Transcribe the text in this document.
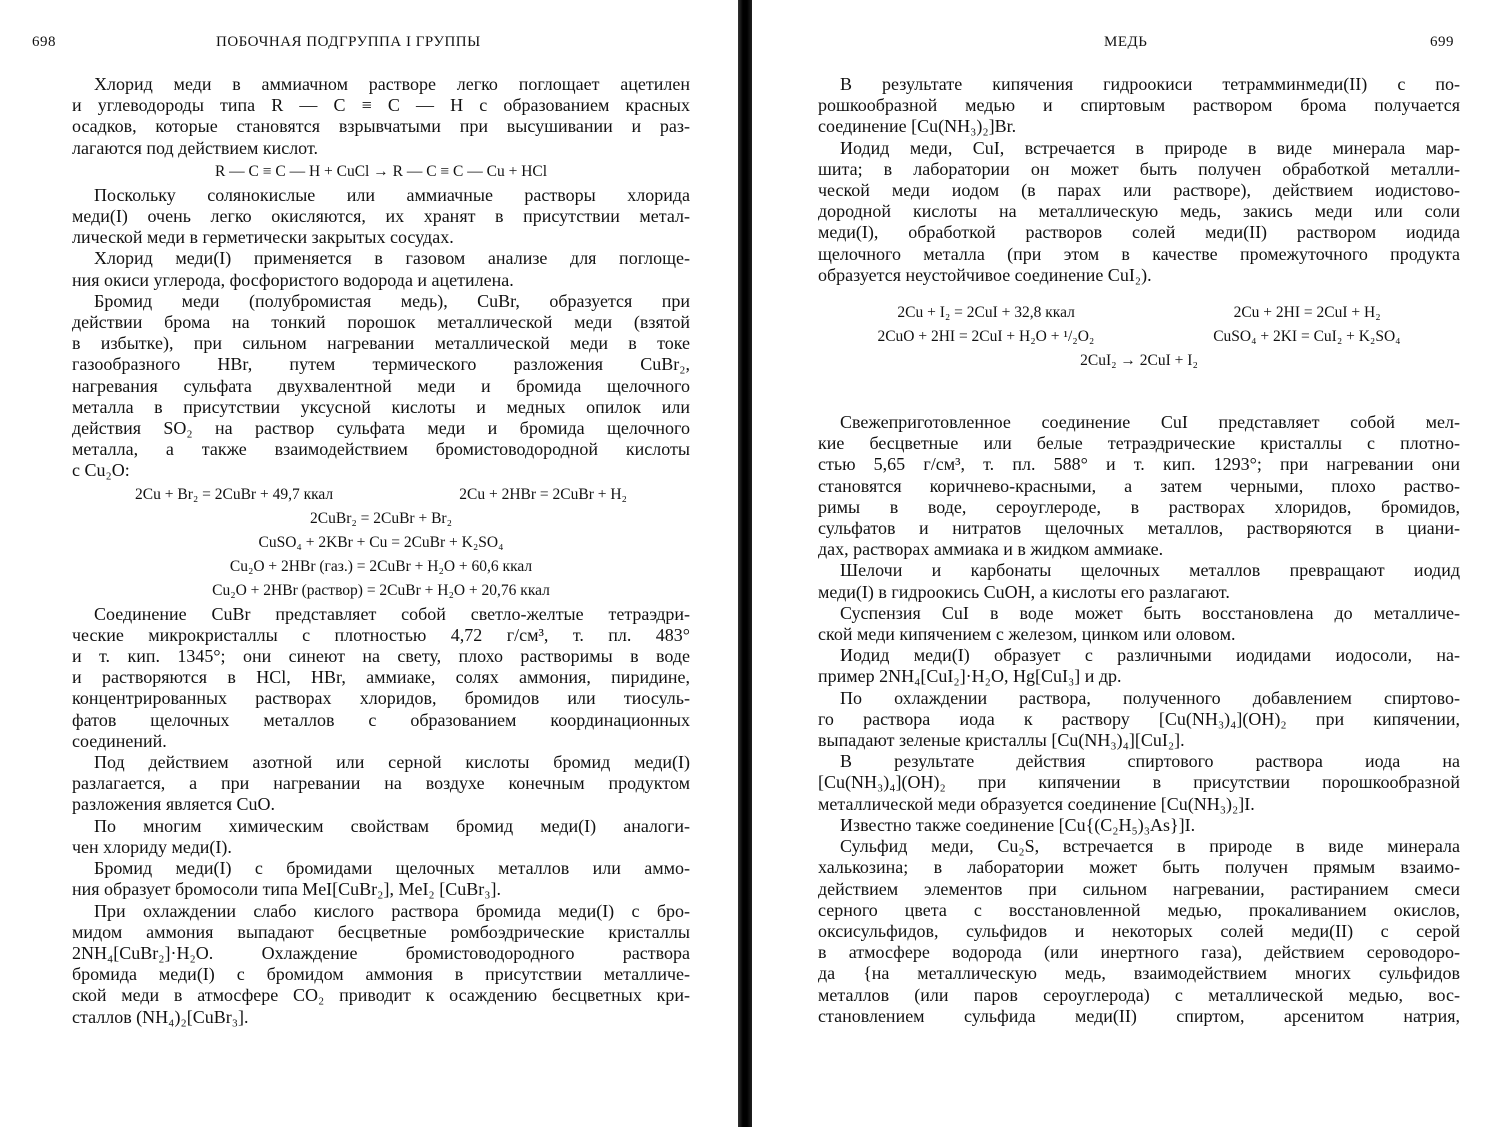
698	ПОБОЧНАЯ ПОДГРУППА I ГРУППЫ
Хлорид меди в аммиачном растворе легко поглощает ацетилен
и углеводороды типа R — C ≡ C — H с образованием красных
осадков, которые становятся взрывчатыми при высушивании и раз-
лагаются под действием кислот.
R — C ≡ C — H + CuCl → R — C ≡ C — Cu + HCl
Поскольку солянокислые или аммиачные растворы хлорида
меди(I) очень легко окисляются, их хранят в присутствии метал-
лической меди в герметически закрытых сосудах.
Хлорид меди(I) применяется в газовом анализе для поглоще-
ния окиси углерода, фосфористого водорода и ацетилена.
Бромид меди (полубромистая медь), CuBr, образуется при
действии брома на тонкий порошок металлической меди (взятой
в избытке), при сильном нагревании металлической меди в токе
газообразного HBr, путем термического разложения CuBr₂,
нагревания сульфата двухвалентной меди и бромида щелочного
металла в присутствии уксусной кислоты и медных опилок или
действия SO₂ на раствор сульфата меди и бромида щелочного
металла, а также взаимодействием бромистоводородной кислоты
с Cu₂O:
2Cu + Br₂ = 2CuBr + 49,7 ккал	2Cu + 2HBr = 2CuBr + H₂
2CuBr₂ = 2CuBr + Br₂
CuSO₄ + 2KBr + Cu = 2CuBr + K₂SO₄
Cu₂O + 2HBr (газ.) = 2CuBr + H₂O + 60,6 ккал
Cu₂O + 2HBr (раствор) = 2CuBr + H₂O + 20,76 ккал
Соединение CuBr представляет собой светло-желтые тетраэдри-
ческие микрокристаллы с плотностью 4,72 г/см³, т. пл. 483°
и т. кип. 1345°; они синеют на свету, плохо растворимы в воде
и растворяются в HCl, HBr, аммиаке, солях аммония, пиридине,
концентрированных растворах хлоридов, бромидов или тиосуль-
фатов щелочных металлов с образованием координационных
соединений.
Под действием азотной или серной кислоты бромид меди(I)
разлагается, а при нагревании на воздухе конечным продуктом
разложения является CuO.
По многим химическим свойствам бромид меди(I) аналоги-
чен хлориду меди(I).
Бромид меди(I) с бромидами щелочных металлов или аммо-
ния образует бромосоли типа MeI[CuBr₂], MeI₂ [CuBr₃].
При охлаждении слабо кислого раствора бромида меди(I) с бро-
мидом аммония выпадают бесцветные ромбоэдрические кристаллы
2NH₄[CuBr₂]·H₂O. Охлаждение бромистоводородного раствора
бромида меди(I) с бромидом аммония в присутствии металличе-
ской меди в атмосфере CO₂ приводит к осаждению бесцветных кри-
сталлов (NH₄)₂[CuBr₃].
МЕДЬ	699
В результате кипячения гидроокиси тетрамминмеди(II) с по-
рошкообразной медью и спиртовым раствором брома получается
соединение [Cu(NH₃)₂]Br.
Иодид меди, CuI, встречается в природе в виде минерала мар-
шита; в лаборатории он может быть получен обработкой металли-
ческой меди иодом (в парах или растворе), действием иодистово-
дородной кислоты на металлическую медь, закись меди или соли
меди(I), обработкой растворов солей меди(II) раствором иодида
щелочного металла (при этом в качестве промежуточного продукта
образуется неустойчивое соединение CuI₂).
2Cu + I₂ = 2CuI + 32,8 ккал	2Cu + 2HI = 2CuI + H₂
2CuO + 2HI = 2CuI + H₂O + ¹/₂O₂	CuSO₄ + 2KI = CuI₂ + K₂SO₄
2CuI₂ → 2CuI + I₂
Свежеприготовленное соединение CuI представляет собой мел-
кие бесцветные или белые тетраэдрические кристаллы с плотно-
стью 5,65 г/см³, т. пл. 588° и т. кип. 1293°; при нагревании они
становятся коричнево-красными, а затем черными, плохо раство-
римы в воде, сероуглероде, в растворах хлоридов, бромидов,
сульфатов и нитратов щелочных металлов, растворяются в циани-
дах, растворах аммиака и в жидком аммиаке.
Шелочи и карбонаты щелочных металлов превращают иодид
меди(I) в гидроокись CuOH, а кислоты его разлагают.
Суспензия CuI в воде может быть восстановлена до металличе-
ской меди кипячением с железом, цинком или оловом.
Иодид меди(I) образует с различными иодидами иодосоли, на-
пример 2NH₄[CuI₂]·H₂O, Hg[CuI₃] и др.
По охлаждении раствора, полученного добавлением спиртово-
го раствора иода к раствору [Cu(NH₃)₄](OH)₂ при кипячении,
выпадают зеленые кристаллы [Cu(NH₃)₄][CuI₂].
В результате действия спиртового раствора иода на
[Cu(NH₃)₄](OH)₂ при кипячении в присутствии порошкообразной
металлической меди образуется соединение [Cu(NH₃)₂]I.
Известно также соединение [Cu{(C₂H₅)₃As}]I.
Сульфид меди, Cu₂S, встречается в природе в виде минерала
халькозина; в лаборатории может быть получен прямым взаимо-
действием элементов при сильном нагревании, растиранием смеси
серного цвета с восстановленной медью, прокаливанием окислов,
оксисульфидов, сульфидов и некоторых солей меди(II) с серой
в атмосфере водорода (или инертного газа), действием сероводоро-
да {на металлическую медь, взаимодействием многих сульфидов
металлов (или паров сероуглерода) с металлической медью, вос-
становлением сульфида меди(II) спиртом, арсенитом натрия,
